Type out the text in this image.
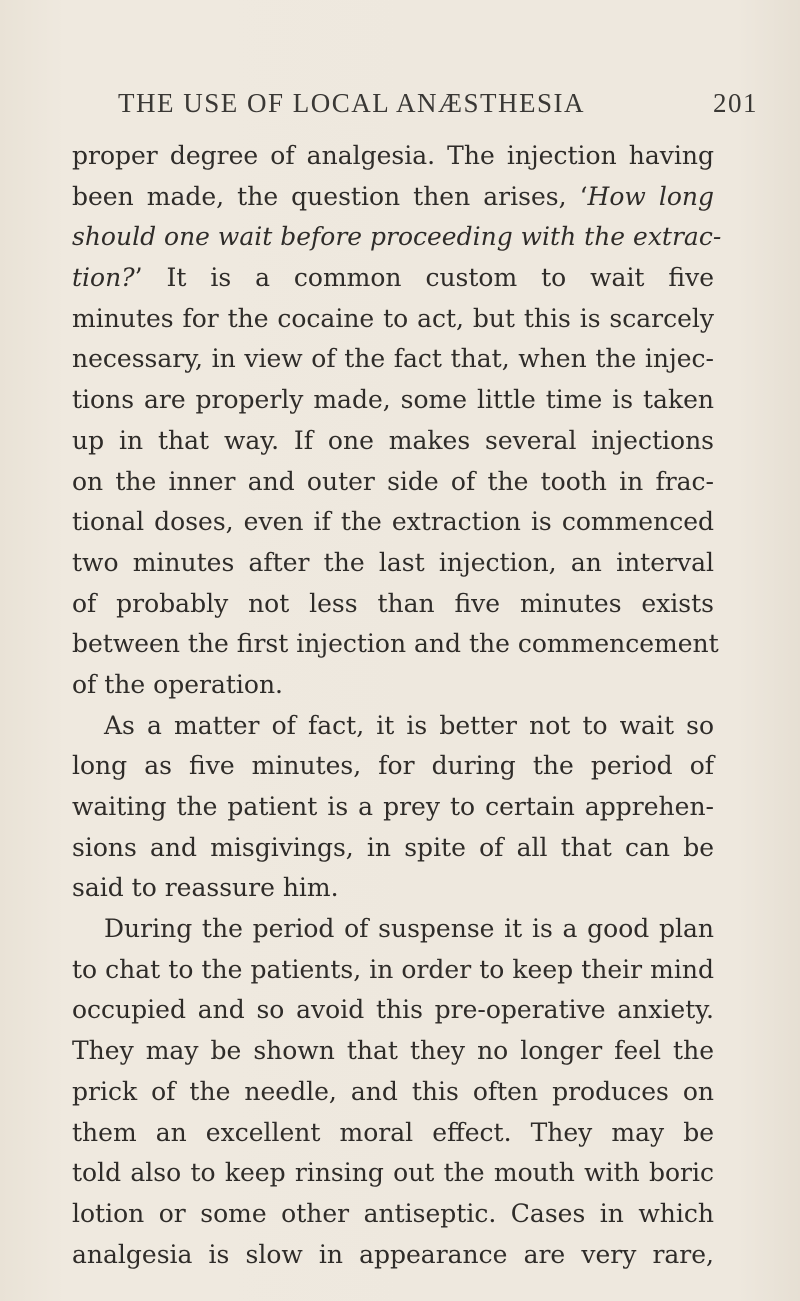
THE USE OF LOCAL ANÆSTHESIA	201
proper degree of analgesia. The injection having
been made, the question then arises, ‘How long
should one wait before proceeding with the extrac-
tion?’ It is a common custom to wait five
minutes for the cocaine to act, but this is scarcely
necessary, in view of the fact that, when the injec-
tions are properly made, some little time is taken
up in that way. If one makes several injections
on the inner and outer side of the tooth in frac-
tional doses, even if the extraction is commenced
two minutes after the last injection, an interval
of probably not less than five minutes exists
between the first injection and the commencement
of the operation.
As a matter of fact, it is better not to wait so
long as five minutes, for during the period of
waiting the patient is a prey to certain apprehen-
sions and misgivings, in spite of all that can be
said to reassure him.
During the period of suspense it is a good plan
to chat to the patients, in order to keep their mind
occupied and so avoid this pre-operative anxiety.
They may be shown that they no longer feel the
prick of the needle, and this often produces on
them an excellent moral effect. They may be
told also to keep rinsing out the mouth with boric
lotion or some other antiseptic. Cases in which
analgesia is slow in appearance are very rare,
